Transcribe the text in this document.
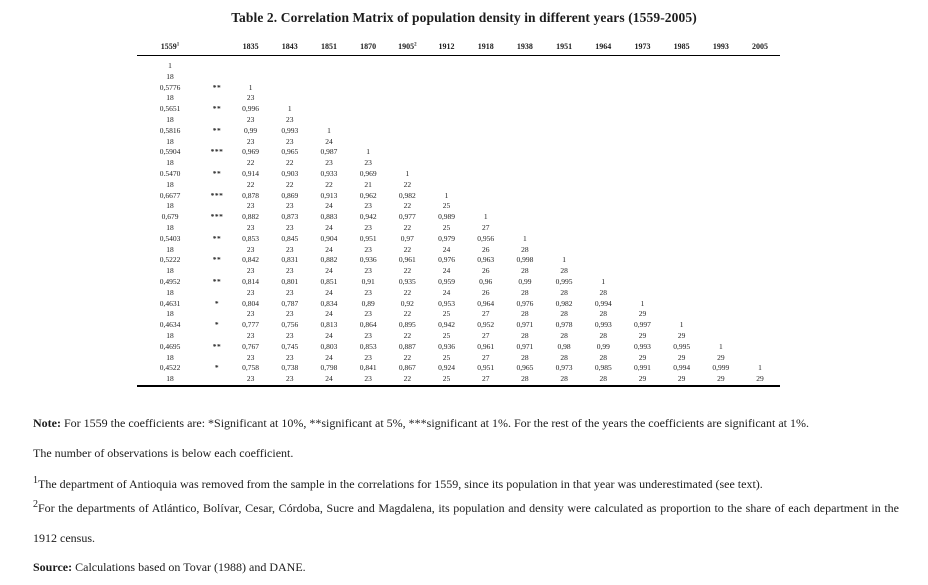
Table 2. Correlation Matrix of population density in different years (1559-2005)
1559$^1$		1835	1843	1851	1870	1905$^2$	1912	1918	1938	1951	1964	1973	1985	1993	2005
1															
18															
0,5776	**	1													
18		23													
0,5651	**	0,996	1												
18		23	23												
0,5816	**	0,99	0,993	1											
18		23	23	24											
0,5904	***	0,969	0,965	0,987	1										
18		22	22	23	23										
0.5470	**	0,914	0,903	0,933	0,969	1									
18		22	22	22	21	22									
0,6677	***	0,878	0,869	0,913	0,962	0,982	1								
18		23	23	24	23	22	25								
0,679	***	0,882	0,873	0,883	0,942	0,977	0,989	1							
18		23	23	24	23	22	25	27							
0,5403	**	0,853	0,845	0,904	0,951	0,97	0,979	0,956	1						
18		23	23	24	23	22	24	26	28						
0,5222	**	0,842	0,831	0,882	0,936	0,961	0,976	0,963	0,998	1					
18		23	23	24	23	22	24	26	28	28					
0,4952	**	0,814	0,801	0,851	0,91	0,935	0,959	0,96	0,99	0,995	1				
18		23	23	24	23	22	24	26	28	28	28				
0,4631	*	0,804	0,787	0,834	0,89	0,92	0,953	0,964	0,976	0,982	0,994	1			
18		23	23	24	23	22	25	27	28	28	28	29			
0,4634	*	0,777	0,756	0,813	0,864	0,895	0,942	0,952	0,971	0,978	0,993	0,997	1		
18		23	23	24	23	22	25	27	28	28	28	29	29		
0,4695	**	0,767	0,745	0,803	0,853	0,887	0,936	0,961	0,971	0,98	0,99	0,993	0,995	1	
18		23	23	24	23	22	25	27	28	28	28	29	29	29	
0,4522	*	0,758	0,738	0,798	0,841	0,867	0,924	0,951	0,965	0,973	0,985	0,991	0,994	0,999	1
18		23	23	24	23	22	25	27	28	28	28	29	29	29	29
Note: For 1559 the coefficients are: *Significant at 10%, **significant at 5%, ***significant at 1%. For the rest of the years the coefficients are significant at 1%.
The number of observations is below each coefficient.
$^1$The department of Antioquia was removed from the sample in the correlations for 1559, since its population in that year was underestimated (see text).
$^2$For the departments of Atlántico, Bolívar, Cesar, Córdoba, Sucre and Magdalena, its population and density were calculated as proportion to the share of each department in the 1912 census.
Source: Calculations based on Tovar (1988) and DANE.
